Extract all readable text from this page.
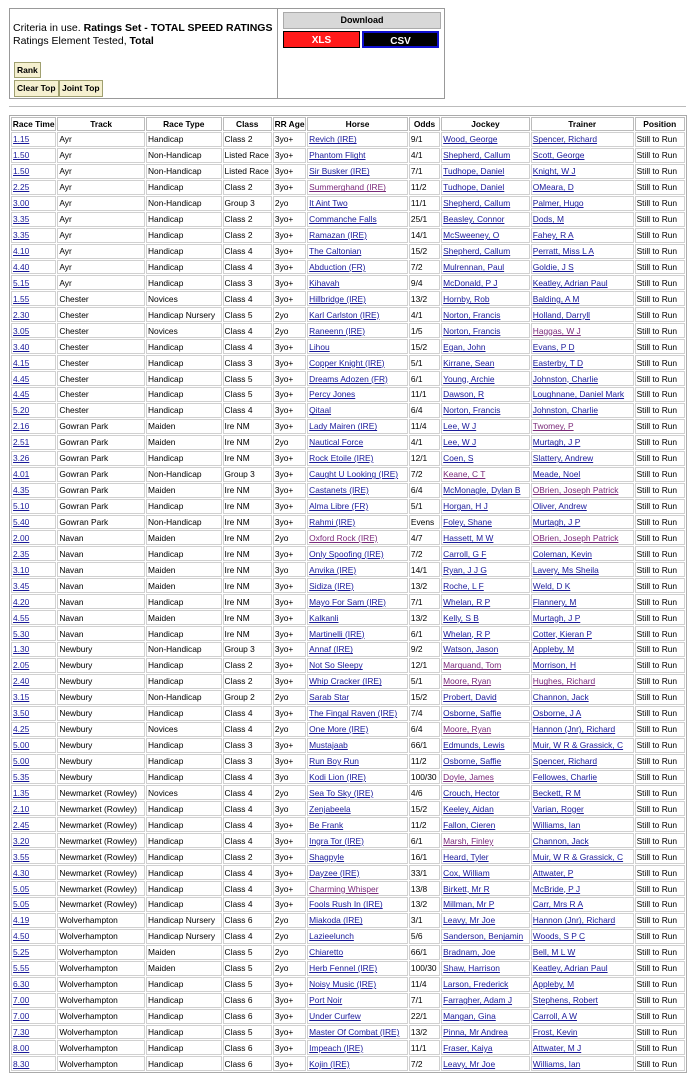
Criteria in use. Ratings Set - TOTAL SPEED RATINGS
Ratings Element Tested, Total
Rank
Clear Top Joint Top
Download
XLS	CSV
Race Time	Track	Race Type	Class	RR Age	Horse	Odds	Jockey	Trainer	Position
1.15	Ayr	Handicap	Class 2	3yo+	Revich (IRE)	9/1	Wood, George	Spencer, Richard	Still to Run
1.50	Ayr	Non-Handicap	Listed Race	3yo+	Phantom Flight	4/1	Shepherd, Callum	Scott, George	Still to Run
1.50	Ayr	Non-Handicap	Listed Race	3yo+	Sir Busker (IRE)	7/1	Tudhope, Daniel	Knight, W J	Still to Run
2.25	Ayr	Handicap	Class 2	3yo+	Summerghand (IRE)	11/2	Tudhope, Daniel	OMeara, D	Still to Run
3.00	Ayr	Non-Handicap	Group 3	2yo	It Aint Two	11/1	Shepherd, Callum	Palmer, Hugo	Still to Run
3.35	Ayr	Handicap	Class 2	3yo+	Commanche Falls	25/1	Beasley, Connor	Dods, M	Still to Run
3.35	Ayr	Handicap	Class 2	3yo+	Ramazan (IRE)	14/1	McSweeney, O	Fahey, R A	Still to Run
4.10	Ayr	Handicap	Class 4	3yo+	The Caltonian	15/2	Shepherd, Callum	Perratt, Miss L A	Still to Run
4.40	Ayr	Handicap	Class 4	3yo+	Abduction (FR)	7/2	Mulrennan, Paul	Goldie, J S	Still to Run
5.15	Ayr	Handicap	Class 3	3yo+	Kihavah	9/4	McDonald, P J	Keatley, Adrian Paul	Still to Run
1.55	Chester	Novices	Class 4	3yo+	Hillbridge (IRE)	13/2	Hornby, Rob	Balding, A M	Still to Run
2.30	Chester	Handicap Nursery	Class 5	2yo	Karl Carlston (IRE)	4/1	Norton, Francis	Holland, Darryll	Still to Run
3.05	Chester	Novices	Class 4	2yo	Raneenn (IRE)	1/5	Norton, Francis	Haggas, W J	Still to Run
3.40	Chester	Handicap	Class 4	3yo+	Lihou	15/2	Egan, John	Evans, P D	Still to Run
4.15	Chester	Handicap	Class 3	3yo+	Copper Knight (IRE)	5/1	Kirrane, Sean	Easterby, T D	Still to Run
4.45	Chester	Handicap	Class 5	3yo+	Dreams Adozen (FR)	6/1	Young, Archie	Johnston, Charlie	Still to Run
4.45	Chester	Handicap	Class 5	3yo+	Percy Jones	11/1	Dawson, R	Loughnane, Daniel Mark	Still to Run
5.20	Chester	Handicap	Class 4	3yo+	Qitaal	6/4	Norton, Francis	Johnston, Charlie	Still to Run
2.16	Gowran Park	Maiden	Ire NM	3yo+	Lady Mairen (IRE)	11/4	Lee, W J	Twomey, P	Still to Run
2.51	Gowran Park	Maiden	Ire NM	2yo	Nautical Force	4/1	Lee, W J	Murtagh, J P	Still to Run
3.26	Gowran Park	Handicap	Ire NM	3yo+	Rock Etoile (IRE)	12/1	Coen, S	Slattery, Andrew	Still to Run
4.01	Gowran Park	Non-Handicap	Group 3	3yo+	Caught U Looking (IRE)	7/2	Keane, C T	Meade, Noel	Still to Run
4.35	Gowran Park	Maiden	Ire NM	3yo+	Castanets (IRE)	6/4	McMonagle, Dylan B	OBrien, Joseph Patrick	Still to Run
5.10	Gowran Park	Handicap	Ire NM	3yo+	Alma Libre (FR)	5/1	Horgan, H J	Oliver, Andrew	Still to Run
5.40	Gowran Park	Non-Handicap	Ire NM	3yo+	Rahmi (IRE)	Evens	Foley, Shane	Murtagh, J P	Still to Run
2.00	Navan	Maiden	Ire NM	2yo	Oxford Rock (IRE)	4/7	Hassett, M W	OBrien, Joseph Patrick	Still to Run
2.35	Navan	Handicap	Ire NM	3yo+	Only Spoofing (IRE)	7/2	Carroll, G F	Coleman, Kevin	Still to Run
3.10	Navan	Maiden	Ire NM	3yo	Anvika (IRE)	14/1	Ryan, J J G	Lavery, Ms Sheila	Still to Run
3.45	Navan	Maiden	Ire NM	3yo+	Sidiza (IRE)	13/2	Roche, L F	Weld, D K	Still to Run
4.20	Navan	Handicap	Ire NM	3yo+	Mayo For Sam (IRE)	7/1	Whelan, R P	Flannery, M	Still to Run
4.55	Navan	Maiden	Ire NM	3yo+	Kalkanli	13/2	Kelly, S B	Murtagh, J P	Still to Run
5.30	Navan	Handicap	Ire NM	3yo+	Martinelli (IRE)	6/1	Whelan, R P	Cotter, Kieran P	Still to Run
1.30	Newbury	Non-Handicap	Group 3	3yo+	Annaf (IRE)	9/2	Watson, Jason	Appleby, M	Still to Run
2.05	Newbury	Handicap	Class 2	3yo+	Not So Sleepy	12/1	Marquand, Tom	Morrison, H	Still to Run
2.40	Newbury	Handicap	Class 2	3yo+	Whip Cracker (IRE)	5/1	Moore, Ryan	Hughes, Richard	Still to Run
3.15	Newbury	Non-Handicap	Group 2	2yo	Sarab Star	15/2	Probert, David	Channon, Jack	Still to Run
3.50	Newbury	Handicap	Class 4	3yo+	The Fingal Raven (IRE)	7/4	Osborne, Saffie	Osborne, J A	Still to Run
4.25	Newbury	Novices	Class 4	2yo	One More (IRE)	6/4	Moore, Ryan	Hannon (Jnr), Richard	Still to Run
5.00	Newbury	Handicap	Class 3	3yo+	Mustajaab	66/1	Edmunds, Lewis	Muir, W R & Grassick, C	Still to Run
5.00	Newbury	Handicap	Class 3	3yo+	Run Boy Run	11/2	Osborne, Saffie	Spencer, Richard	Still to Run
5.35	Newbury	Handicap	Class 4	3yo	Kodi Lion (IRE)	100/30	Doyle, James	Fellowes, Charlie	Still to Run
1.35	Newmarket (Rowley)	Novices	Class 4	2yo	Sea To Sky (IRE)	4/6	Crouch, Hector	Beckett, R M	Still to Run
2.10	Newmarket (Rowley)	Handicap	Class 4	3yo	Zenjabeela	15/2	Keeley, Aidan	Varian, Roger	Still to Run
2.45	Newmarket (Rowley)	Handicap	Class 4	3yo+	Be Frank	11/2	Fallon, Cieren	Williams, Ian	Still to Run
3.20	Newmarket (Rowley)	Handicap	Class 4	3yo+	Ingra Tor (IRE)	6/1	Marsh, Finley	Channon, Jack	Still to Run
3.55	Newmarket (Rowley)	Handicap	Class 2	3yo+	Shagpyle	16/1	Heard, Tyler	Muir, W R & Grassick, C	Still to Run
4.30	Newmarket (Rowley)	Handicap	Class 4	3yo+	Dayzee (IRE)	33/1	Cox, William	Attwater, P	Still to Run
5.05	Newmarket (Rowley)	Handicap	Class 4	3yo+	Charming Whisper	13/8	Birkett, Mr R	McBride, P J	Still to Run
5.05	Newmarket (Rowley)	Handicap	Class 4	3yo+	Fools Rush In (IRE)	13/2	Millman, Mr P	Carr, Mrs R A	Still to Run
4.19	Wolverhampton	Handicap Nursery	Class 6	2yo	Miakoda (IRE)	3/1	Leavy, Mr Joe	Hannon (Jnr), Richard	Still to Run
4.50	Wolverhampton	Handicap Nursery	Class 4	2yo	Lazieelunch	5/6	Sanderson, Benjamin	Woods, S P C	Still to Run
5.25	Wolverhampton	Maiden	Class 5	2yo	Chiaretto	66/1	Bradnam, Joe	Bell, M L W	Still to Run
5.55	Wolverhampton	Maiden	Class 5	2yo	Herb Fennel (IRE)	100/30	Shaw, Harrison	Keatley, Adrian Paul	Still to Run
6.30	Wolverhampton	Handicap	Class 5	3yo+	Noisy Music (IRE)	11/4	Larson, Frederick	Appleby, M	Still to Run
7.00	Wolverhampton	Handicap	Class 6	3yo+	Port Noir	7/1	Farragher, Adam J	Stephens, Robert	Still to Run
7.00	Wolverhampton	Handicap	Class 6	3yo+	Under Curfew	22/1	Mangan, Gina	Carroll, A W	Still to Run
7.30	Wolverhampton	Handicap	Class 5	3yo+	Master Of Combat (IRE)	13/2	Pinna, Mr Andrea	Frost, Kevin	Still to Run
8.00	Wolverhampton	Handicap	Class 6	3yo+	Impeach (IRE)	11/1	Fraser, Kaiya	Attwater, M J	Still to Run
8.30	Wolverhampton	Handicap	Class 6	3yo+	Kojin (IRE)	7/2	Leavy, Mr Joe	Williams, Ian	Still to Run
